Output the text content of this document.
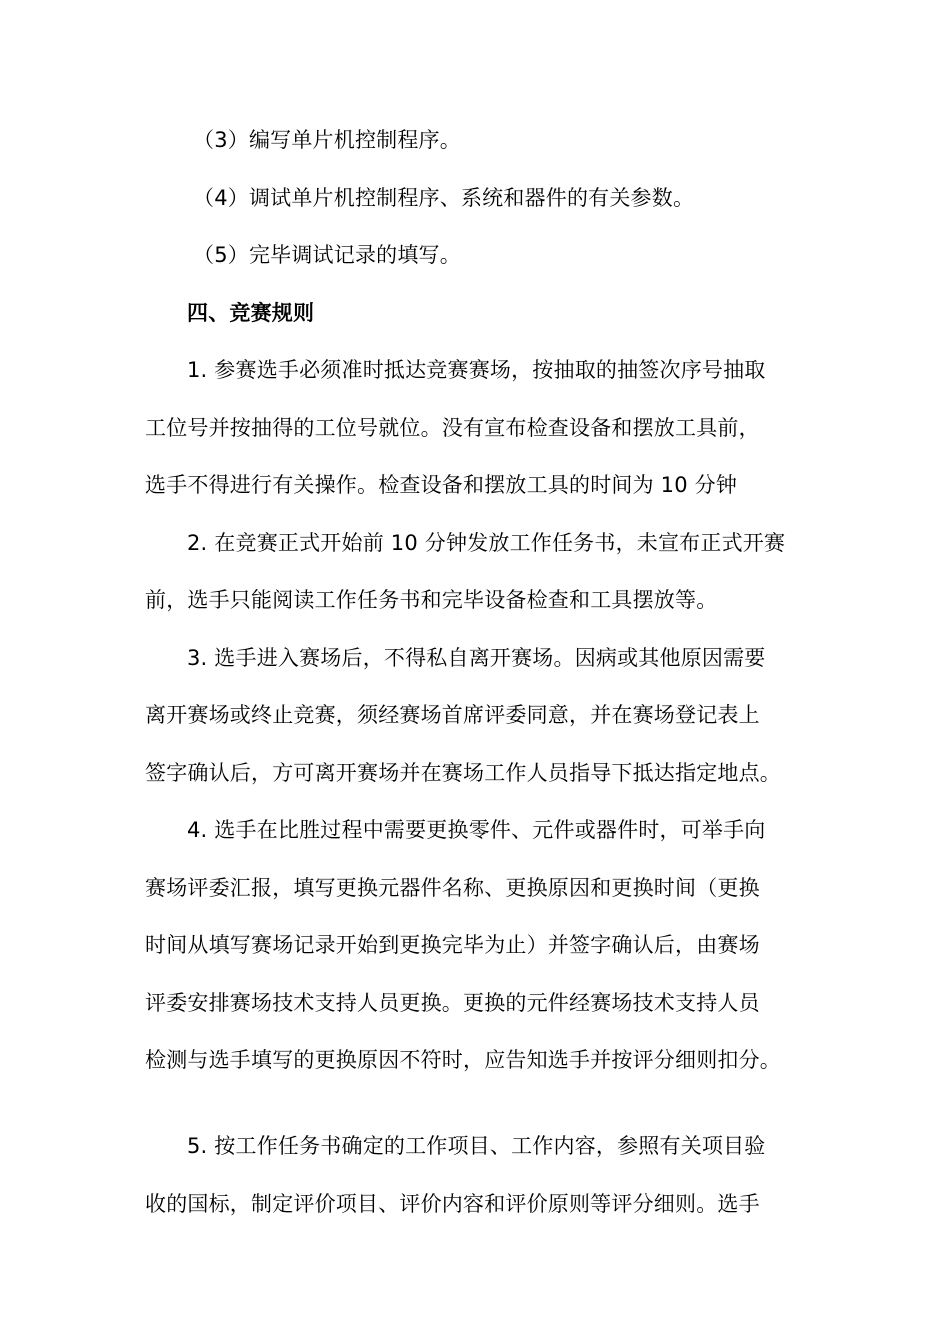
（3）编写单片机控制程序。
（4）调试单片机控制程序、系统和器件的有关参数。
（5）完毕调试记录的填写。
四、竞赛规则
1. 参赛选手必须准时抵达竞赛赛场，按抽取的抽签次序号抽取
工位号并按抽得的工位号就位。没有宣布检查设备和摆放工具前，
选手不得进行有关操作。检查设备和摆放工具的时间为 10 分钟
2. 在竞赛正式开始前 10 分钟发放工作任务书，未宣布正式开赛
前，选手只能阅读工作任务书和完毕设备检查和工具摆放等。
3. 选手进入赛场后，不得私自离开赛场。因病或其他原因需要
离开赛场或终止竞赛，须经赛场首席评委同意，并在赛场登记表上
签字确认后，方可离开赛场并在赛场工作人员指导下抵达指定地点。
4. 选手在比胜过程中需要更换零件、元件或器件时，可举手向
赛场评委汇报，填写更换元器件名称、更换原因和更换时间（更换
时间从填写赛场记录开始到更换完毕为止）并签字确认后，由赛场
评委安排赛场技术支持人员更换。更换的元件经赛场技术支持人员
检测与选手填写的更换原因不符时，应告知选手并按评分细则扣分。
5. 按工作任务书确定的工作项目、工作内容，参照有关项目验
收的国标，制定评价项目、评价内容和评价原则等评分细则。选手
